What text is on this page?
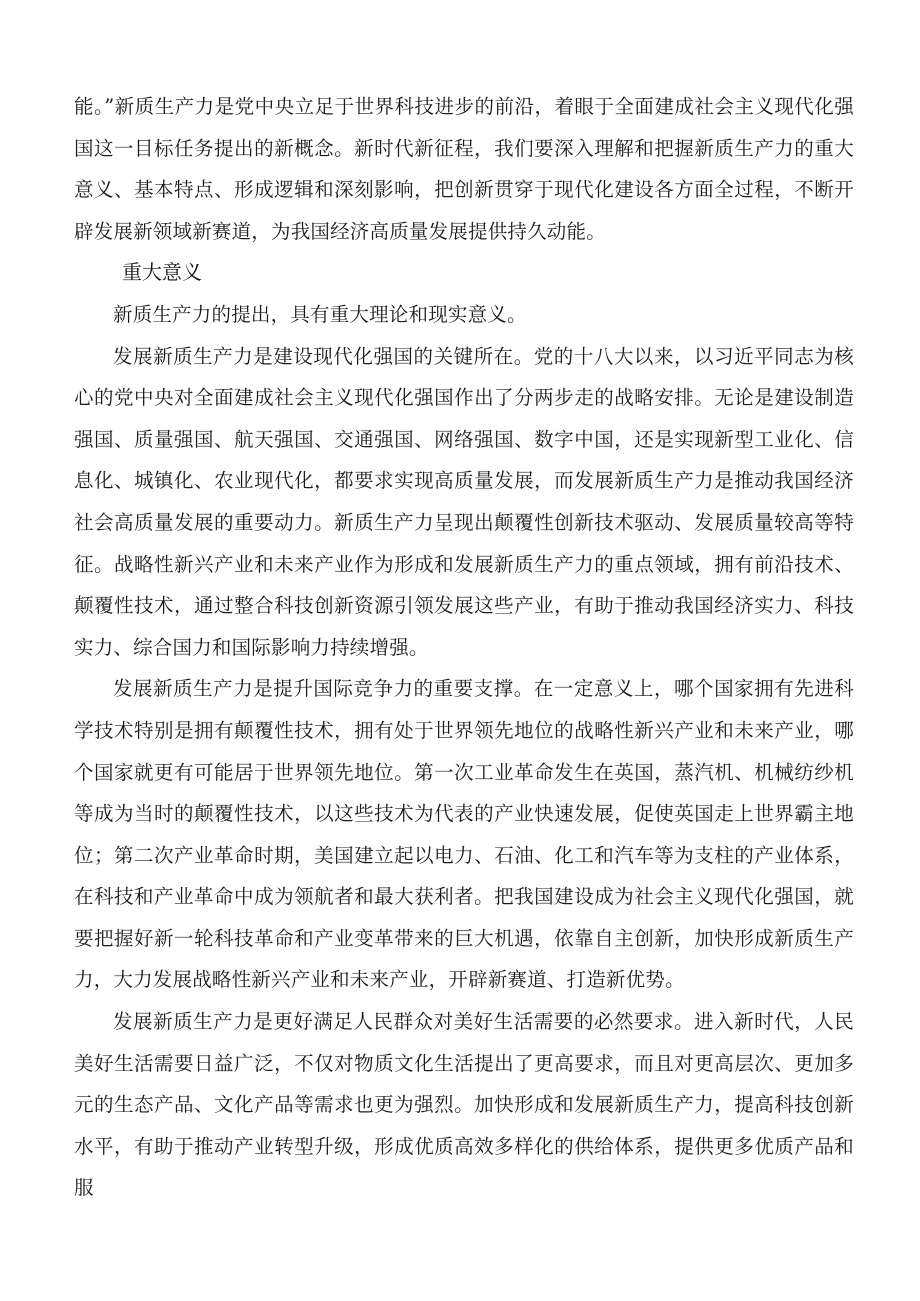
能。”新质生产力是党中央立足于世界科技进步的前沿，着眼于全面建成社会主义现代化强国这一目标任务提出的新概念。新时代新征程，我们要深入理解和把握新质生产力的重大意义、基本特点、形成逻辑和深刻影响，把创新贯穿于现代化建设各方面全过程，不断开辟发展新领域新赛道，为我国经济高质量发展提供持久动能。

重大意义

新质生产力的提出，具有重大理论和现实意义。

发展新质生产力是建设现代化强国的关键所在。党的十八大以来，以习近平同志为核心的党中央对全面建成社会主义现代化强国作出了分两步走的战略安排。无论是建设制造强国、质量强国、航天强国、交通强国、网络强国、数字中国，还是实现新型工业化、信息化、城镇化、农业现代化，都要求实现高质量发展，而发展新质生产力是推动我国经济社会高质量发展的重要动力。新质生产力呈现出颠覆性创新技术驱动、发展质量较高等特征。战略性新兴产业和未来产业作为形成和发展新质生产力的重点领域，拥有前沿技术、颠覆性技术，通过整合科技创新资源引领发展这些产业，有助于推动我国经济实力、科技实力、综合国力和国际影响力持续增强。

发展新质生产力是提升国际竞争力的重要支撑。在一定意义上，哪个国家拥有先进科学技术特别是拥有颠覆性技术，拥有处于世界领先地位的战略性新兴产业和未来产业，哪个国家就更有可能居于世界领先地位。第一次工业革命发生在英国，蒸汽机、机械纺纱机等成为当时的颠覆性技术，以这些技术为代表的产业快速发展，促使英国走上世界霸主地位；第二次产业革命时期，美国建立起以电力、石油、化工和汽车等为支柱的产业体系，在科技和产业革命中成为领航者和最大获利者。把我国建设成为社会主义现代化强国，就要把握好新一轮科技革命和产业变革带来的巨大机遇，依靠自主创新，加快形成新质生产力，大力发展战略性新兴产业和未来产业，开辟新赛道、打造新优势。

发展新质生产力是更好满足人民群众对美好生活需要的必然要求。进入新时代，人民美好生活需要日益广泛，不仅对物质文化生活提出了更高要求，而且对更高层次、更加多元的生态产品、文化产品等需求也更为强烈。加快形成和发展新质生产力，提高科技创新水平，有助于推动产业转型升级，形成优质高效多样化的供给体系，提供更多优质产品和服
